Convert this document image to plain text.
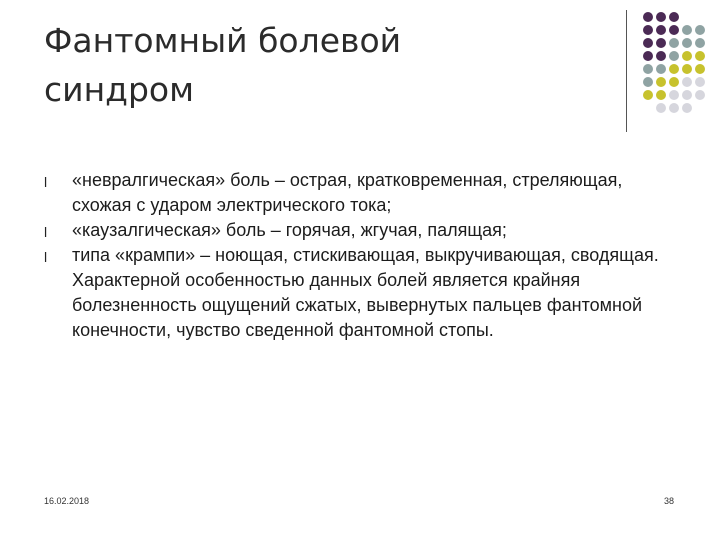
Фантомный болевой
синдром
l «невралгическая» боль – острая, кратковременная, стреляющая, схожая с ударом электрического тока;
l «каузалгическая» боль – горячая, жгучая, палящая;
l типа «крампи» – ноющая, стискивающая, выкручивающая, сводящая. Характерной особенностью данных болей является крайняя болезненность ощущений сжатых, вывернутых пальцев фантомной конечности, чувство сведенной фантомной стопы.
16.02.2018	38
